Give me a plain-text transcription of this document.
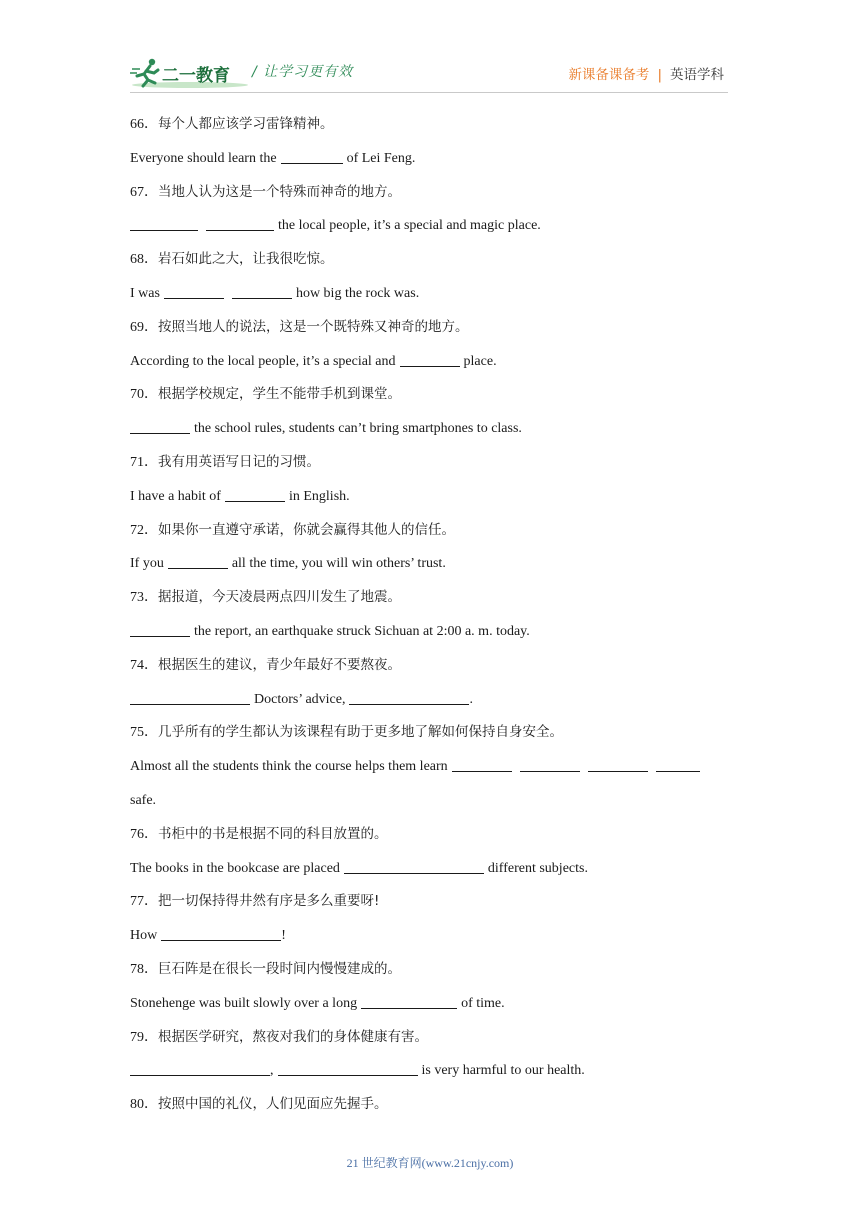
二一教育 / 让学习更有效	新课备课备考 | 英语学科
66．每个人都应该学习雷锋精神。
Everyone should learn the	of Lei Feng.
67．当地人认为这是一个特殊而神奇的地方。
the local people, it’s a special and magic place.
68．岩石如此之大，让我很吃惊。
I was	how big the rock was.
69．按照当地人的说法，这是一个既特殊又神奇的地方。
According to the local people, it’s a special and	place.
70．根据学校规定，学生不能带手机到课堂。
the school rules, students can’t bring smartphones to class.
71．我有用英语写日记的习惯。
I have a habit of	in English.
72．如果你一直遵守承诺，你就会赢得其他人的信任。
If you	all the time, you will win others’ trust.
73．据报道，今天凌晨两点四川发生了地震。
the report, an earthquake struck Sichuan at 2:00 a. m. today.
74．根据医生的建议，青少年最好不要熬夜。
Doctors’ advice,	.
75．几乎所有的学生都认为该课程有助于更多地了解如何保持自身安全。
Almost all the students think the course helps them learn
safe.
76．书柜中的书是根据不同的科目放置的。
The books in the bookcase are placed	different subjects.
77．把一切保持得井然有序是多么重要呀!
How	!
78．巨石阵是在很长一段时间内慢慢建成的。
Stonehenge was built slowly over a long	of time.
79．根据医学研究，熬夜对我们的身体健康有害。
,	is very harmful to our health.
80．按照中国的礼仪，人们见面应先握手。
21 世纪教育网(www.21cnjy.com)
